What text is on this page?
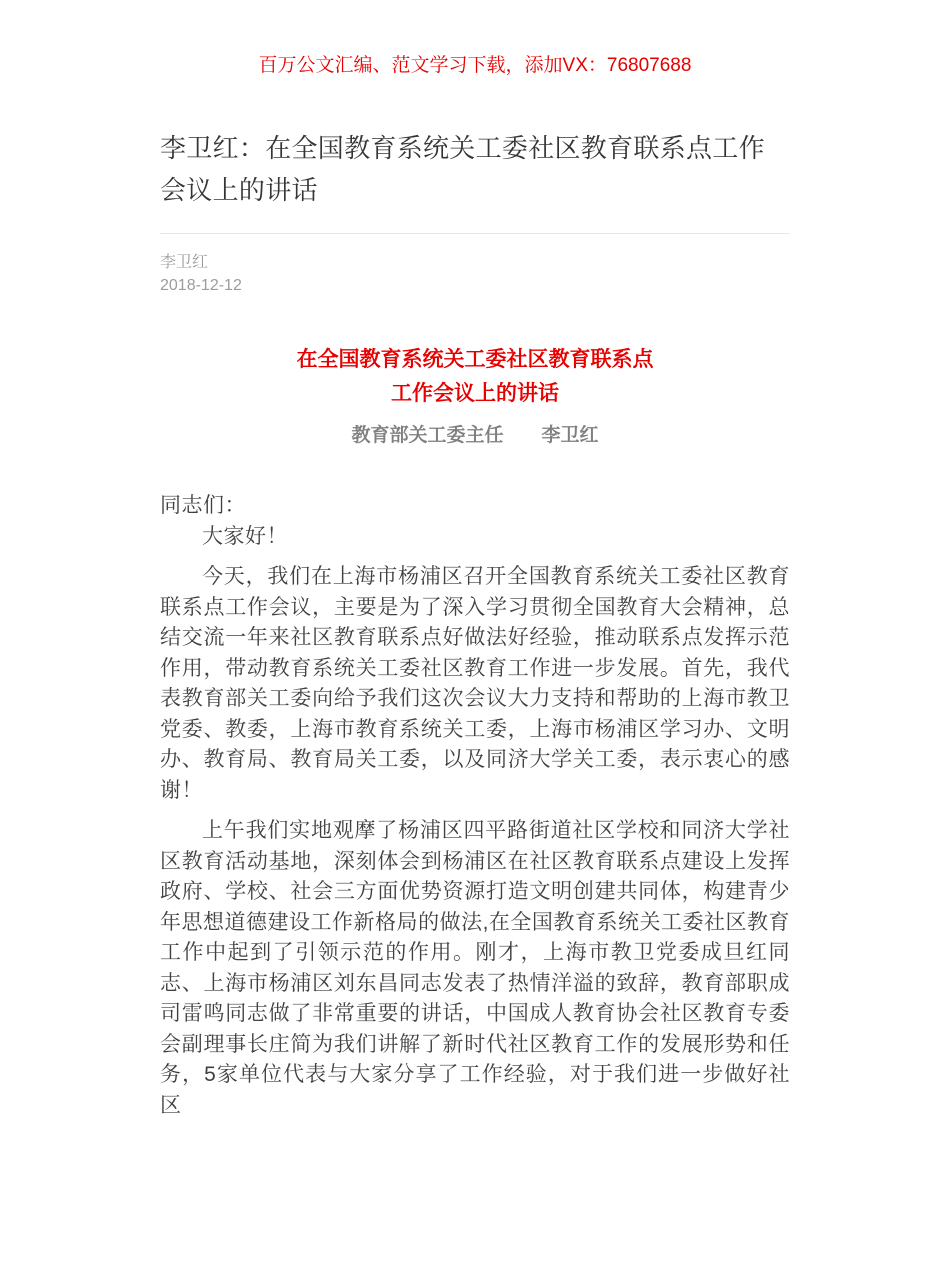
百万公文汇编、范文学习下载，添加VX：76807688
李卫红：在全国教育系统关工委社区教育联系点工作会议上的讲话
李卫红
2018-12-12
在全国教育系统关工委社区教育联系点
工作会议上的讲话
教育部关工委主任　　李卫红

同志们：

大家好！

今天，我们在上海市杨浦区召开全国教育系统关工委社区教育联系点工作会议，主要是为了深入学习贯彻全国教育大会精神，总结交流一年来社区教育联系点好做法好经验，推动联系点发挥示范作用，带动教育系统关工委社区教育工作进一步发展。首先，我代表教育部关工委向给予我们这次会议大力支持和帮助的上海市教卫党委、教委，上海市教育系统关工委，上海市杨浦区学习办、文明办、教育局、教育局关工委，以及同济大学关工委，表示衷心的感谢！

上午我们实地观摩了杨浦区四平路街道社区学校和同济大学社区教育活动基地，深刻体会到杨浦区在社区教育联系点建设上发挥政府、学校、社会三方面优势资源打造文明创建共同体，构建青少年思想道德建设工作新格局的做法,在全国教育系统关工委社区教育工作中起到了引领示范的作用。刚才，上海市教卫党委成旦红同志、上海市杨浦区刘东昌同志发表了热情洋溢的致辞，教育部职成司雷鸣同志做了非常重要的讲话，中国成人教育协会社区教育专委会副理事长庄简为我们讲解了新时代社区教育工作的发展形势和任务，5家单位代表与大家分享了工作经验，对于我们进一步做好社区
